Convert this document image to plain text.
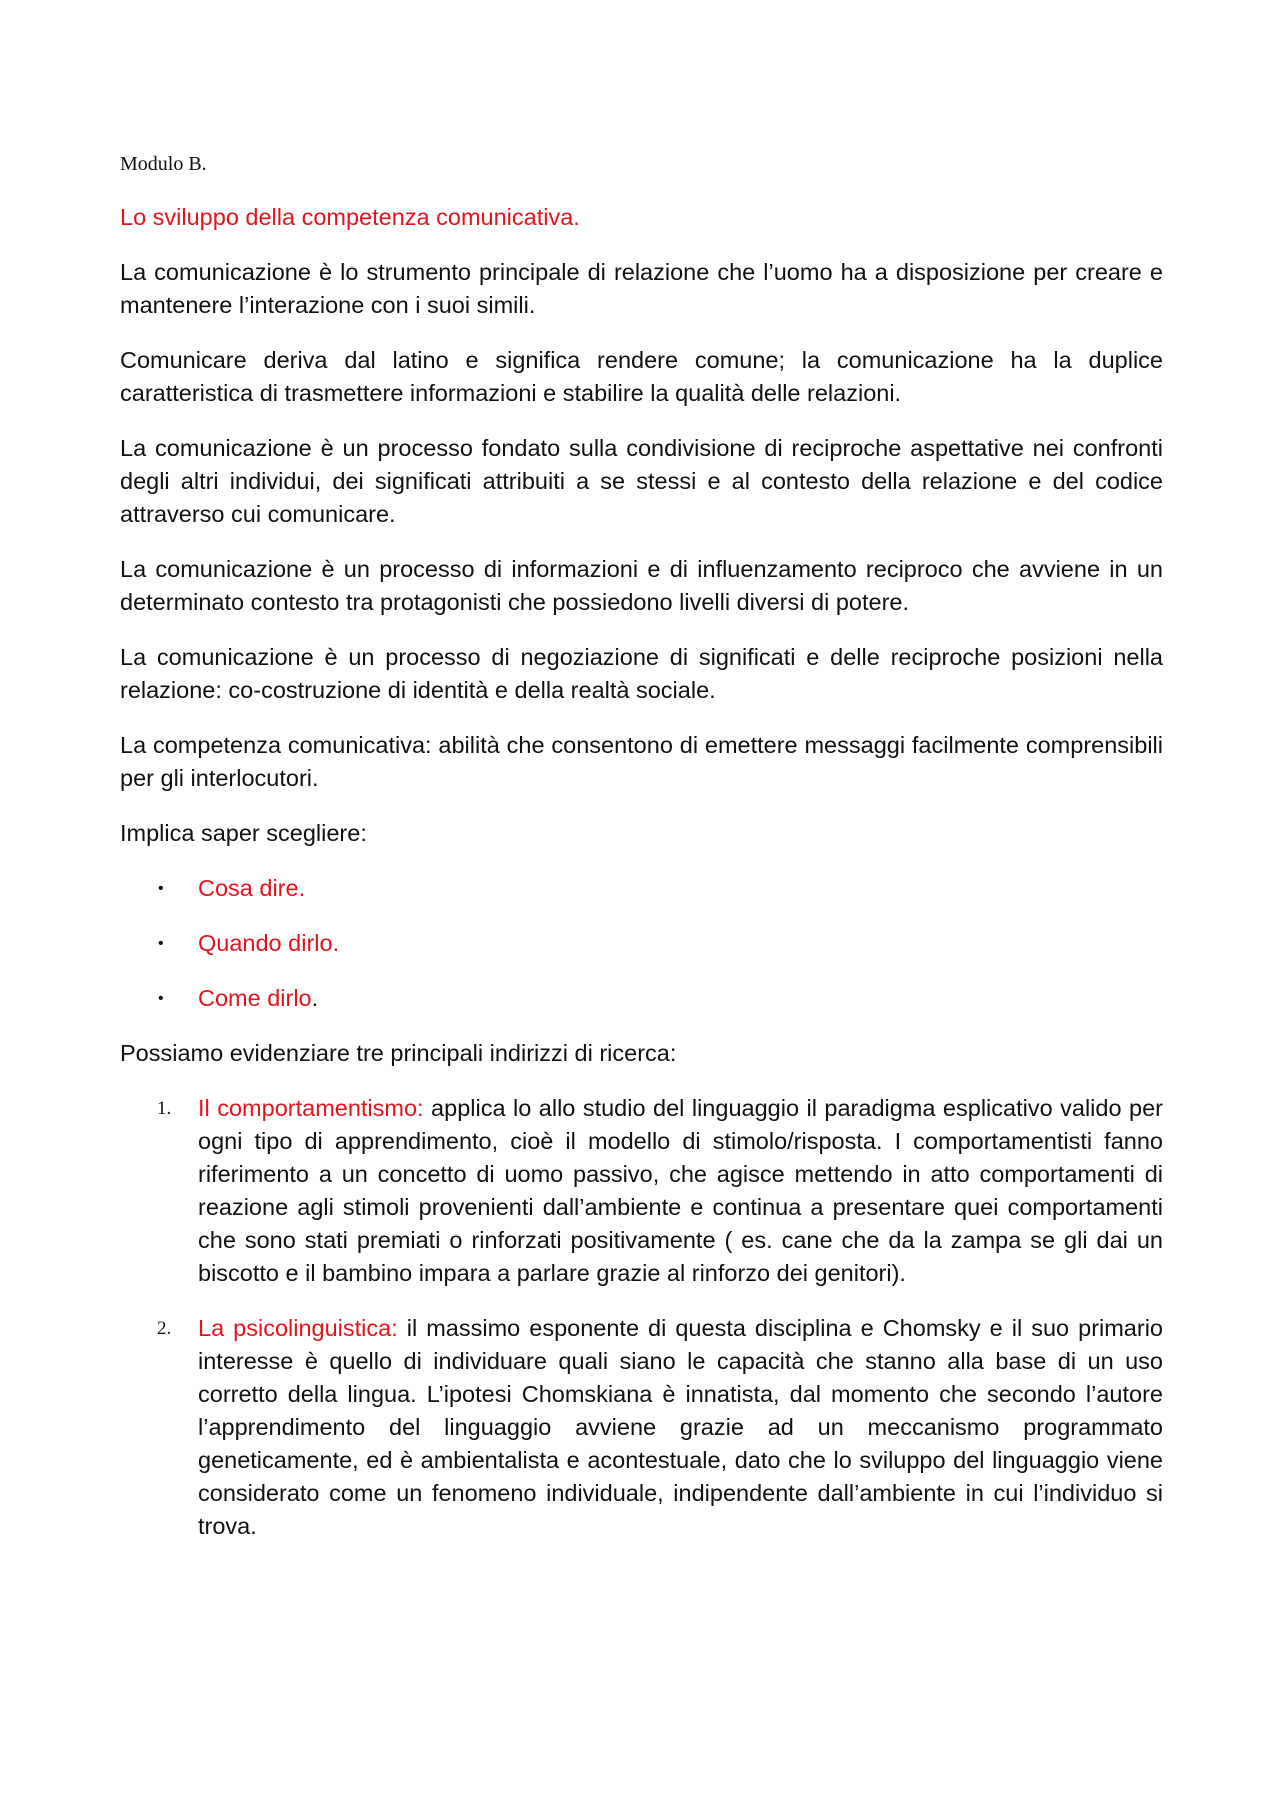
Modulo B.
Lo sviluppo della competenza comunicativa.

La comunicazione è lo strumento principale di relazione che l’uomo ha a disposizione per creare e mantenere l’interazione con i suoi simili.

Comunicare deriva dal latino e significa rendere comune; la comunicazione ha la duplice caratteristica di trasmettere informazioni e stabilire la qualità delle relazioni.

La comunicazione è un processo fondato sulla condivisione di reciproche aspettative nei confronti degli altri individui, dei significati attribuiti a se stessi e al contesto della relazione e del codice attraverso cui comunicare.

La comunicazione è un processo di informazioni e di influenzamento reciproco che avviene in un determinato contesto tra protagonisti che possiedono livelli diversi di potere.

La comunicazione è un processo di negoziazione di significati e delle reciproche posizioni nella relazione: co-costruzione di identità e della realtà sociale.

La competenza comunicativa: abilità che consentono di emettere messaggi facilmente comprensibili per gli interlocutori.

Implica saper scegliere:

• Cosa dire.
• Quando dirlo.
• Come dirlo.

Possiamo evidenziare tre principali indirizzi di ricerca:

1. Il comportamentismo: applica lo allo studio del linguaggio il paradigma esplicativo valido per ogni tipo di apprendimento, cioè il modello di stimolo/risposta. I comportamentisti fanno riferimento a un concetto di uomo passivo, che agisce mettendo in atto comportamenti di reazione agli stimoli provenienti dall’ambiente e continua a presentare quei comportamenti che sono stati premiati o rinforzati positivamente ( es. cane che da la zampa se gli dai un biscotto e il bambino impara a parlare grazie al rinforzo dei genitori).
2. La psicolinguistica: il massimo esponente di questa disciplina e Chomsky e il suo primario interesse è quello di individuare quali siano le capacità che stanno alla base di un uso corretto della lingua. L’ipotesi Chomskiana è innatista, dal momento che secondo l’autore l’apprendimento del linguaggio avviene grazie ad un meccanismo programmato geneticamente, ed è ambientalista e acontestuale, dato che lo sviluppo del linguaggio viene considerato come un fenomeno individuale, indipendente dall’ambiente in cui l’individuo si trova.
